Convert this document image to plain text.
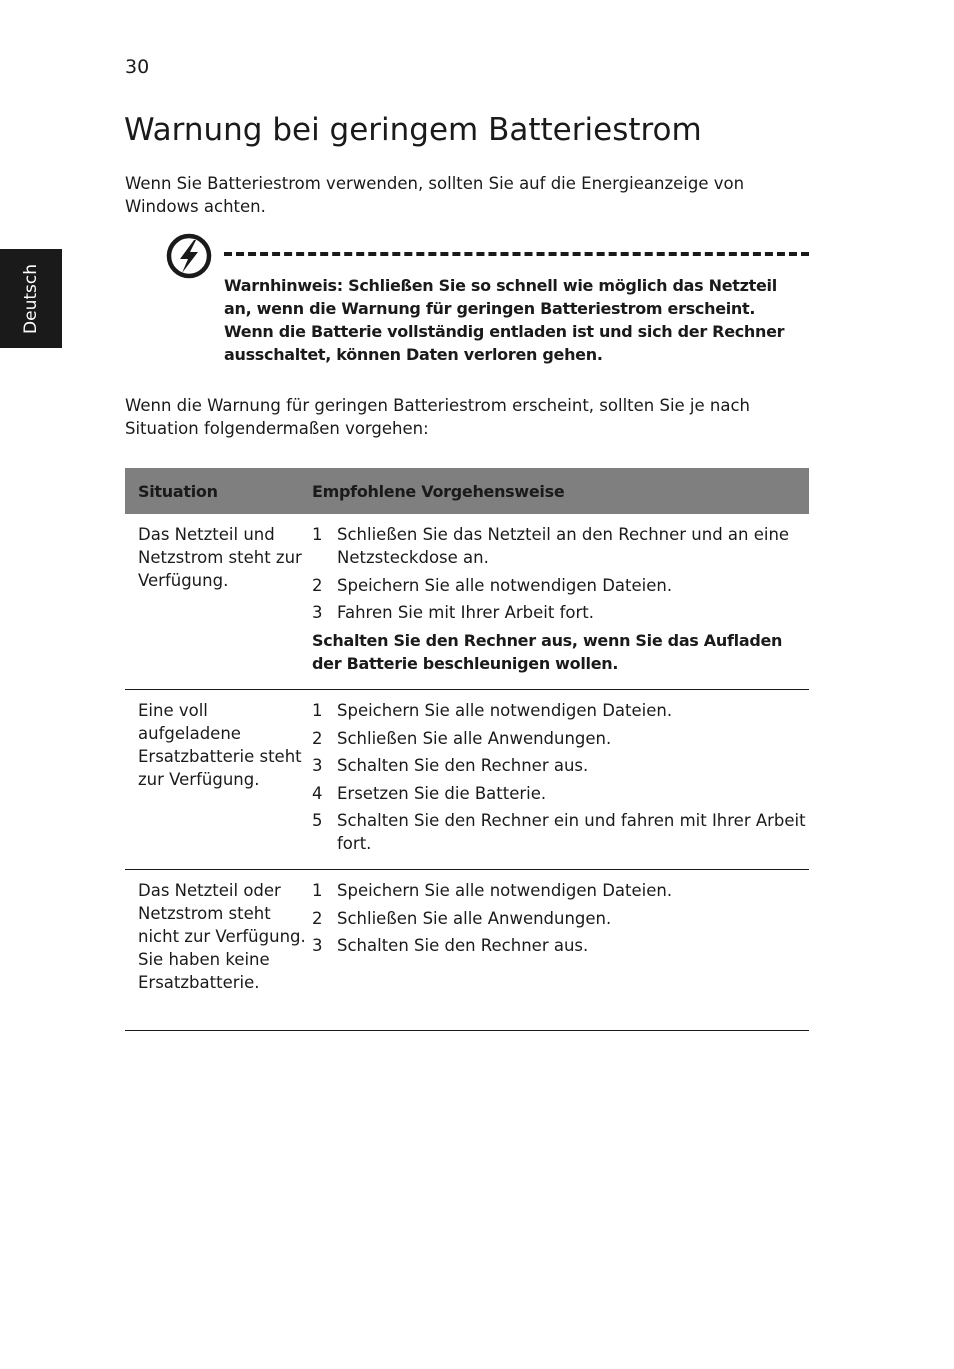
30
Deutsch
Warnung bei geringem Batteriestrom

Wenn Sie Batteriestrom verwenden, sollten Sie auf die Energieanzeige von Windows achten.

Warnhinweis: Schließen Sie so schnell wie möglich das Netzteil an, wenn die Warnung für geringen Batteriestrom erscheint. Wenn die Batterie vollständig entladen ist und sich der Rechner ausschaltet, können Daten verloren gehen.

Wenn die Warnung für geringen Batteriestrom erscheint, sollten Sie je nach Situation folgendermaßen vorgehen:

Situation	Empfohlene Vorgehensweise
Das Netzteil und Netzstrom steht zur Verfügung.
1 Schließen Sie das Netzteil an den Rechner und an eine Netzsteckdose an.
2 Speichern Sie alle notwendigen Dateien.
3 Fahren Sie mit Ihrer Arbeit fort.
Schalten Sie den Rechner aus, wenn Sie das Aufladen der Batterie beschleunigen wollen.
Eine voll aufgeladene Ersatzbatterie steht zur Verfügung.
1 Speichern Sie alle notwendigen Dateien.
2 Schließen Sie alle Anwendungen.
3 Schalten Sie den Rechner aus.
4 Ersetzen Sie die Batterie.
5 Schalten Sie den Rechner ein und fahren mit Ihrer Arbeit fort.
Das Netzteil oder Netzstrom steht nicht zur Verfügung. Sie haben keine Ersatzbatterie.
1 Speichern Sie alle notwendigen Dateien.
2 Schließen Sie alle Anwendungen.
3 Schalten Sie den Rechner aus.
